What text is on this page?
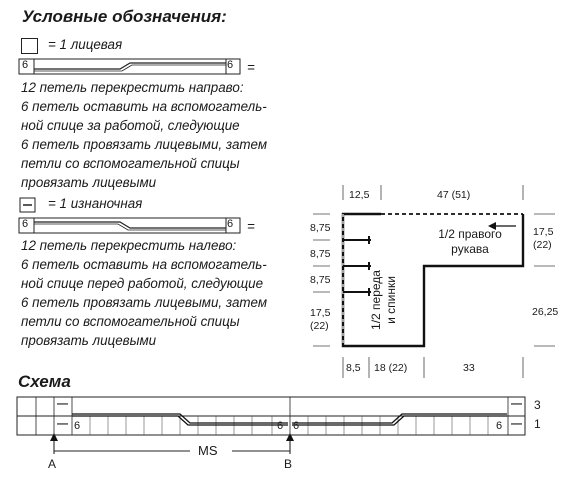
Условные обозначения:
= 1 лицевая
6	6 =
12 петель перекрестить направо:
6 петель оставить на вспомогатель-
ной спице за работой, следующие
6 петель провязать лицевыми, затем
петли со вспомогательной спицы
провязать лицевыми
= 1 изнаночная
6	6 =
12 петель перекрестить налево:
6 петель оставить на вспомогатель-
ной спице перед работой, следующие
6 петель провязать лицевыми, затем
петли со вспомогательной спицы
провязать лицевыми
12,5	47 (51)
8,75
8,75
8,75
17,5
(22)
17,5
(22)
26,25
8,5 18 (22)	33
1/2 правого
рукава
1/2 переда и спинки
Схема
—
—
—
—
6	6 6	6
3
1
A	B
MS
